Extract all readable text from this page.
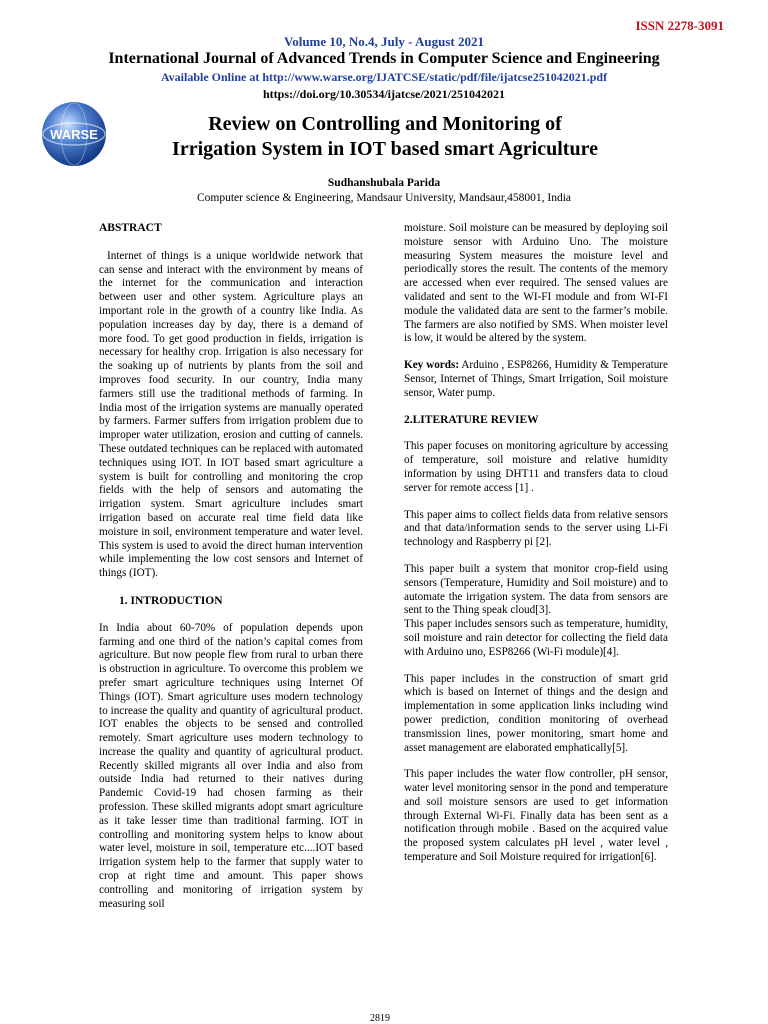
ISSN 2278-3091
Volume 10, No.4, July - August 2021
International Journal of Advanced Trends in Computer Science and Engineering
Available Online at http://www.warse.org/IJATCSE/static/pdf/file/ijatcse251042021.pdf
https://doi.org/10.30534/ijatcse/2021/251042021
WARSE	Review on Controlling and Monitoring of
Irrigation System in IOT based smart Agriculture
Sudhanshubala Parida
Computer science & Engineering, Mandsaur University, Mandsaur,458001, India

ABSTRACT

Internet of things is a unique worldwide network that can sense and interact with the environment by means of the internet for the communication and interaction between user and other system. Agriculture plays an important role in the growth of a country like India. As population increases day by day, there is a demand of more food. To get good production in fields, irrigation is necessary for healthy crop. Irrigation is also necessary for the soaking up of nutrients by plants from the soil and improves food security. In our country, India many farmers still use the traditional methods of farming. In India most of the irrigation systems are manually operated by farmers. Farmer suffers from irrigation problem due to improper water utilization, erosion and cutting of cannels. These outdated techniques can be replaced with automated techniques using IOT. In IOT based smart agriculture a system is built for controlling and monitoring the crop fields with the help of sensors and automating the irrigation system. Smart agriculture includes smart irrigation based on accurate real time field data like moisture in soil, environment temperature and water level. This system is used to avoid the direct human intervention while implementing the low cost sensors and Internet of things (IOT).

1. INTRODUCTION

In India about 60-70% of population depends upon farming and one third of the nation’s capital comes from agriculture. But now people flew from rural to urban there is obstruction in agriculture. To overcome this problem we prefer smart agriculture techniques using Internet Of Things (IOT). Smart agriculture uses modern technology to increase the quality and quantity of agricultural product. IOT enables the objects to be sensed and controlled remotely. Smart agriculture uses modern technology to increase the quality and quantity of agricultural product. Recently skilled migrants all over India and also from outside India had returned to their natives during Pandemic Covid-19 had chosen farming as their profession. These skilled migrants adopt smart agriculture as it take lesser time than traditional farming. IOT in controlling and monitoring system helps to know about water level, moisture in soil, temperature etc....IOT based irrigation system help to the farmer that supply water to crop at right time and amount. This paper shows controlling and monitoring of irrigation system by measuring soil

moisture. Soil moisture can be measured by deploying soil moisture sensor with Arduino Uno. The moisture measuring System measures the moisture level and periodically stores the result. The contents of the memory are accessed when ever required. The sensed values are validated and sent to the WI-FI module and from WI-FI module the validated data are sent to the farmer’s mobile. The farmers are also notified by SMS. When moister level is low, it would be altered by the system.

Key words: Arduino , ESP8266, Humidity & Temperature Sensor, Internet of Things, Smart Irrigation, Soil moisture sensor, Water pump.

2.LITERATURE REVIEW

This paper focuses on monitoring agriculture by accessing of temperature, soil moisture and relative humidity information by using DHT11 and transfers data to cloud server for remote access [1] .

This paper aims to collect fields data from relative sensors and that data/information sends to the server using Li-Fi technology and Raspberry pi [2].

This paper built a system that monitor crop-field using sensors (Temperature, Humidity and Soil moisture) and to automate the irrigation system. The data from sensors are sent to the Thing speak cloud[3].

This paper includes sensors such as temperature, humidity, soil moisture and rain detector for collecting the field data with Arduino uno, ESP8266 (Wi-Fi module)[4].

This paper includes in the construction of smart grid which is based on Internet of things and the design and implementation in some application links including wind power prediction, condition monitoring of overhead transmission lines, power monitoring, smart home and asset management are elaborated emphatically[5].

This paper includes the water flow controller, pH sensor, water level monitoring sensor in the pond and temperature and soil moisture sensors are used to get information through External Wi-Fi. Finally data has been sent as a notification through mobile . Based on the acquired value the proposed system calculates pH level , water level , temperature and Soil Moisture required for irrigation[6].

2819
